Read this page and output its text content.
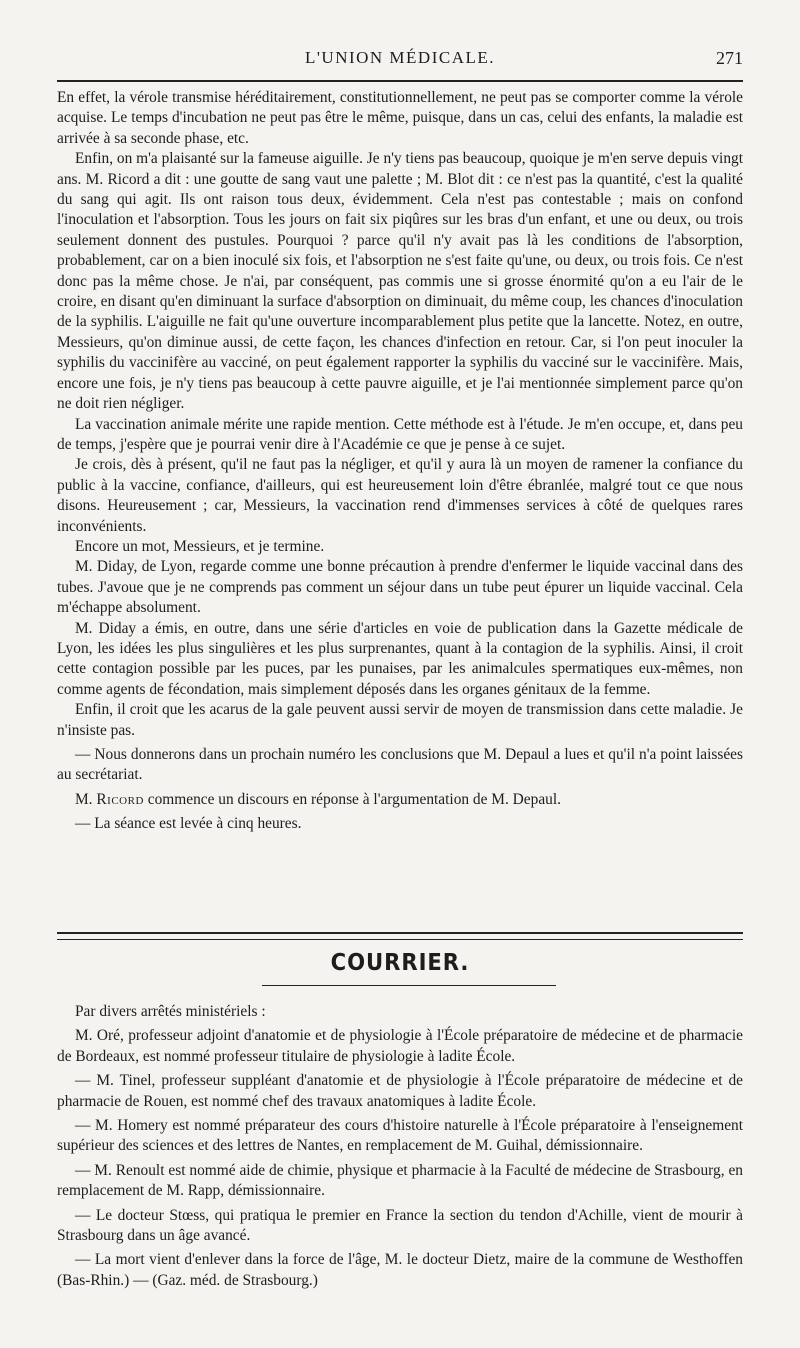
L'UNION MÉDICALE.	271

En effet, la vérole transmise héréditairement, constitutionnellement, ne peut pas se comporter comme la vérole acquise. Le temps d'incubation ne peut pas être le même, puisque, dans un cas, celui des enfants, la maladie est arrivée à sa seconde phase, etc.

Enfin, on m'a plaisanté sur la fameuse aiguille. Je n'y tiens pas beaucoup, quoique je m'en serve depuis vingt ans. M. Ricord a dit : une goutte de sang vaut une palette ; M. Blot dit : ce n'est pas la quantité, c'est la qualité du sang qui agit. Ils ont raison tous deux, évidemment. Cela n'est pas contestable ; mais on confond l'inoculation et l'absorption. Tous les jours on fait six piqûres sur les bras d'un enfant, et une ou deux, ou trois seulement donnent des pustules. Pourquoi ? parce qu'il n'y avait pas là les conditions de l'absorption, probablement, car on a bien inoculé six fois, et l'absorption ne s'est faite qu'une, ou deux, ou trois fois. Ce n'est donc pas la même chose. Je n'ai, par conséquent, pas commis une si grosse énormité qu'on a eu l'air de le croire, en disant qu'en diminuant la surface d'absorption on diminuait, du même coup, les chances d'inoculation de la syphilis. L'aiguille ne fait qu'une ouverture incomparablement plus petite que la lancette. Notez, en outre, Messieurs, qu'on diminue aussi, de cette façon, les chances d'infection en retour. Car, si l'on peut inoculer la syphilis du vaccinifère au vacciné, on peut également rapporter la syphilis du vacciné sur le vaccinifère. Mais, encore une fois, je n'y tiens pas beaucoup à cette pauvre aiguille, et je l'ai mentionnée simplement parce qu'on ne doit rien négliger.

La vaccination animale mérite une rapide mention. Cette méthode est à l'étude. Je m'en occupe, et, dans peu de temps, j'espère que je pourrai venir dire à l'Académie ce que je pense à ce sujet.

Je crois, dès à présent, qu'il ne faut pas la négliger, et qu'il y aura là un moyen de ramener la confiance du public à la vaccine, confiance, d'ailleurs, qui est heureusement loin d'être ébranlée, malgré tout ce que nous disons. Heureusement ; car, Messieurs, la vaccination rend d'immenses services à côté de quelques rares inconvénients.

Encore un mot, Messieurs, et je termine.

M. Diday, de Lyon, regarde comme une bonne précaution à prendre d'enfermer le liquide vaccinal dans des tubes. J'avoue que je ne comprends pas comment un séjour dans un tube peut épurer un liquide vaccinal. Cela m'échappe absolument.

M. Diday a émis, en outre, dans une série d'articles en voie de publication dans la Gazette médicale de Lyon, les idées les plus singulières et les plus surprenantes, quant à la contagion de la syphilis. Ainsi, il croit cette contagion possible par les puces, par les punaises, par les animalcules spermatiques eux-mêmes, non comme agents de fécondation, mais simplement déposés dans les organes génitaux de la femme.

Enfin, il croit que les acarus de la gale peuvent aussi servir de moyen de transmission dans cette maladie. Je n'insiste pas.

— Nous donnerons dans un prochain numéro les conclusions que M. Depaul a lues et qu'il n'a point laissées au secrétariat.

M. Ricord commence un discours en réponse à l'argumentation de M. Depaul.

— La séance est levée à cinq heures.

COURRIER.

Par divers arrêtés ministériels :

M. Oré, professeur adjoint d'anatomie et de physiologie à l'École préparatoire de médecine et de pharmacie de Bordeaux, est nommé professeur titulaire de physiologie à ladite École.

— M. Tinel, professeur suppléant d'anatomie et de physiologie à l'École préparatoire de médecine et de pharmacie de Rouen, est nommé chef des travaux anatomiques à ladite École.

— M. Homery est nommé préparateur des cours d'histoire naturelle à l'École préparatoire à l'enseignement supérieur des sciences et des lettres de Nantes, en remplacement de M. Guihal, démissionnaire.

— M. Renoult est nommé aide de chimie, physique et pharmacie à la Faculté de médecine de Strasbourg, en remplacement de M. Rapp, démissionnaire.

— Le docteur Stœss, qui pratiqua le premier en France la section du tendon d'Achille, vient de mourir à Strasbourg dans un âge avancé.

— La mort vient d'enlever dans la force de l'âge, M. le docteur Dietz, maire de la commune de Westhoffen (Bas-Rhin.) — (Gaz. méd. de Strasbourg.)
